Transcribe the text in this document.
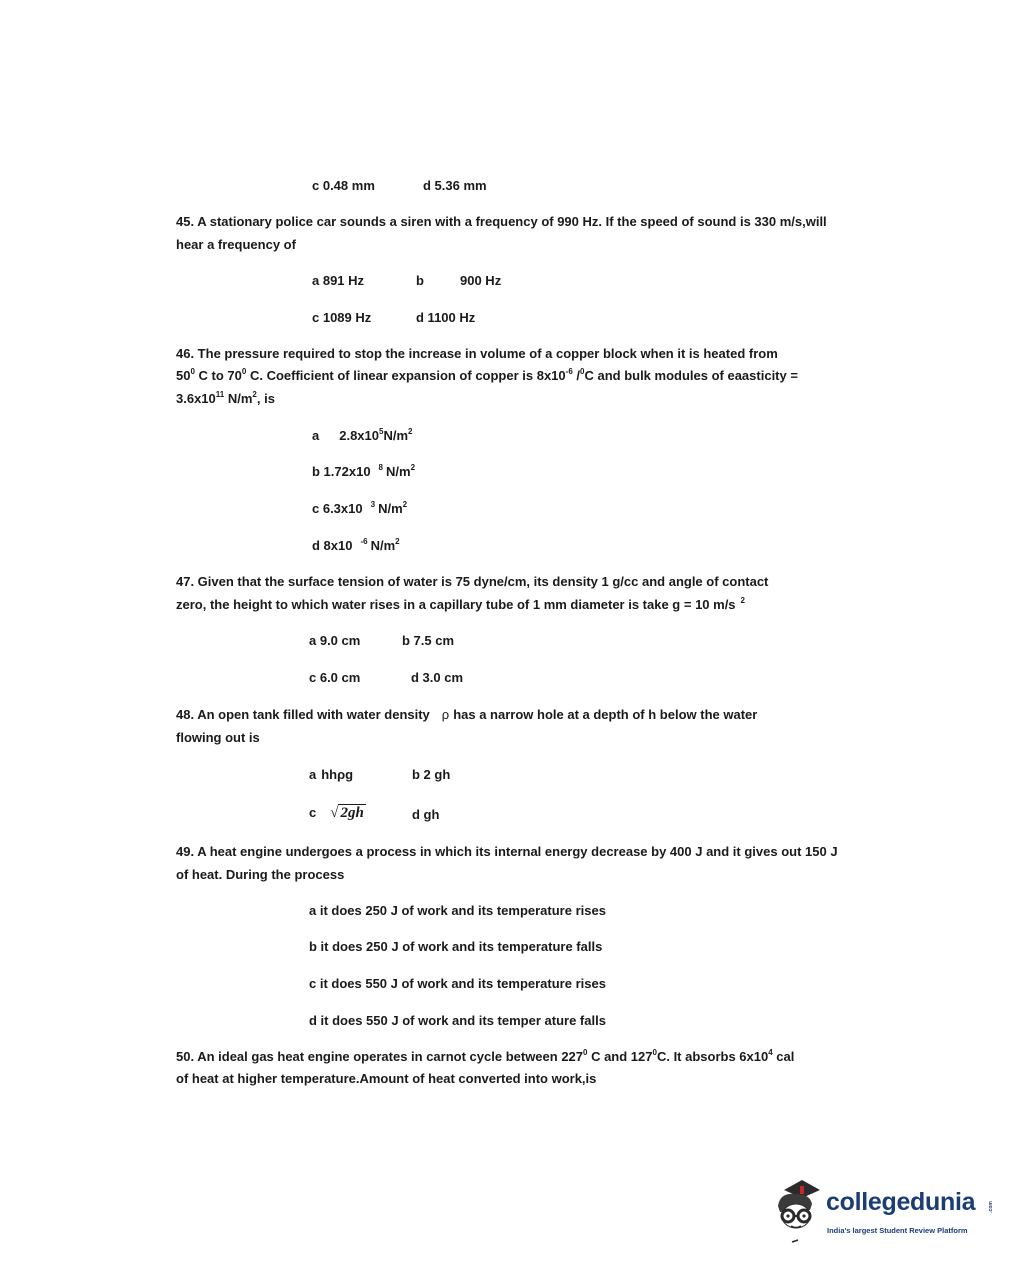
c 0.48 mm	d 5.36 mm
45. A stationary police car sounds a siren with a frequency of 990 Hz. If the speed of sound is 330 m/s,will hear a frequency of
a 891 Hz	b	900 Hz
c 1089 Hz	d 1100 Hz
46. The pressure required to stop the increase in volume of a copper block when it is heated from
$50^0$ C to $70^0$ C. Coefficient of linear expansion of copper is $8x10^{-6}$ /$^0$C and bulk modules of eaasticity =
$3.6x10^{11}$ $N/m^2$, is
a $2.8x10^5N/m^2$
b 1.72x10 $^8$ $N/m^2$
c 6.3x10 $^3$ $N/m^2$
d 8x10 $^{-6}$ $N/m^2$
47. Given that the surface tension of water is 75 dyne/cm, its density 1 g/cc and angle of contact
zero, the height to which water rises in a capillary tube of 1 mm diameter is take g = 10 m/s $^2$
a 9.0 cm	b 7.5 cm
c 6.0 cm	d 3.0 cm
48. An open tank filled with water density ρ has a narrow hole at a depth of h below the water
flowing out is
a hhρg	b 2 gh
c √ 2gh	d gh
49. A heat engine undergoes a process in which its internal energy decrease by 400 J and it gives out 150 J of heat. During the process
a it does 250 J of work and its temperature rises
b it does 250 J of work and its temperature falls
c it does 550 J of work and its temperature rises
d it does 550 J of work and its temper ature falls
50. An ideal gas heat engine operates in carnot cycle between $227^0$ C and $127^0C$. It absorbs $6x10^4$ cal
of heat at higher temperature.Amount of heat converted into work,is
collegedunia	.com
India's largest Student Review Platform
